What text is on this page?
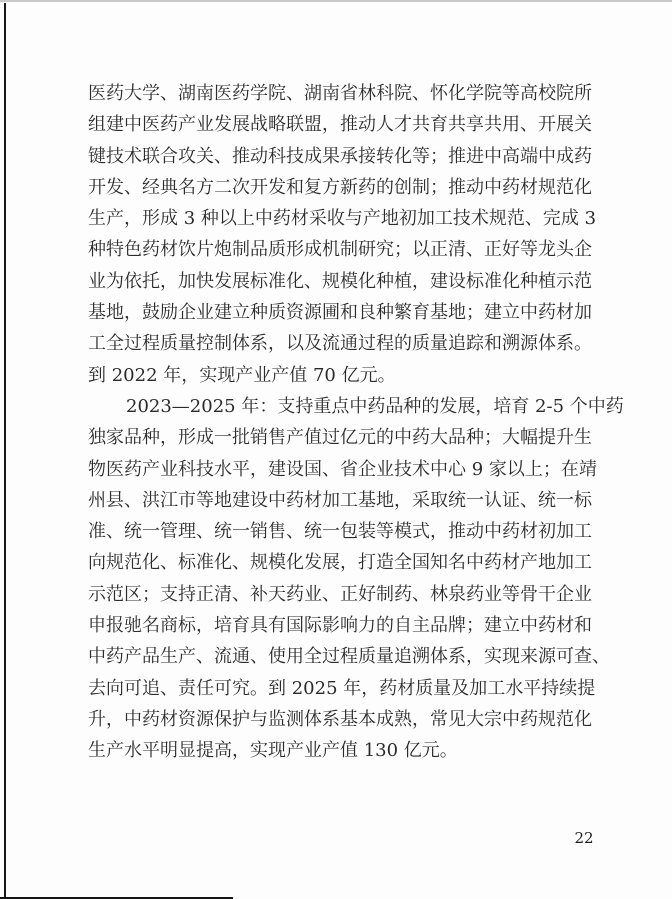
医药大学、湖南医药学院、湖南省林科院、怀化学院等高校院所
组建中医药产业发展战略联盟，推动人才共育共享共用、开展关
键技术联合攻关、推动科技成果承接转化等；推进中高端中成药
开发、经典名方二次开发和复方新药的创制；推动中药材规范化
生产，形成 3 种以上中药材采收与产地初加工技术规范、完成 3
种特色药材饮片炮制品质形成机制研究；以正清、正好等龙头企
业为依托，加快发展标准化、规模化种植，建设标准化种植示范
基地，鼓励企业建立种质资源圃和良种繁育基地；建立中药材加
工全过程质量控制体系，以及流通过程的质量追踪和溯源体系。
到 2022 年，实现产业产值 70 亿元。
2023—2025 年：支持重点中药品种的发展，培育 2-5 个中药
独家品种，形成一批销售产值过亿元的中药大品种；大幅提升生
物医药产业科技水平，建设国、省企业技术中心 9 家以上；在靖
州县、洪江市等地建设中药材加工基地，采取统一认证、统一标
准、统一管理、统一销售、统一包装等模式，推动中药材初加工
向规范化、标准化、规模化发展，打造全国知名中药材产地加工
示范区；支持正清、补天药业、正好制药、林泉药业等骨干企业
申报驰名商标，培育具有国际影响力的自主品牌；建立中药材和
中药产品生产、流通、使用全过程质量追溯体系，实现来源可查、
去向可追、责任可究。到 2025 年，药材质量及加工水平持续提
升，中药材资源保护与监测体系基本成熟，常见大宗中药规范化
生产水平明显提高，实现产业产值 130 亿元。
22
